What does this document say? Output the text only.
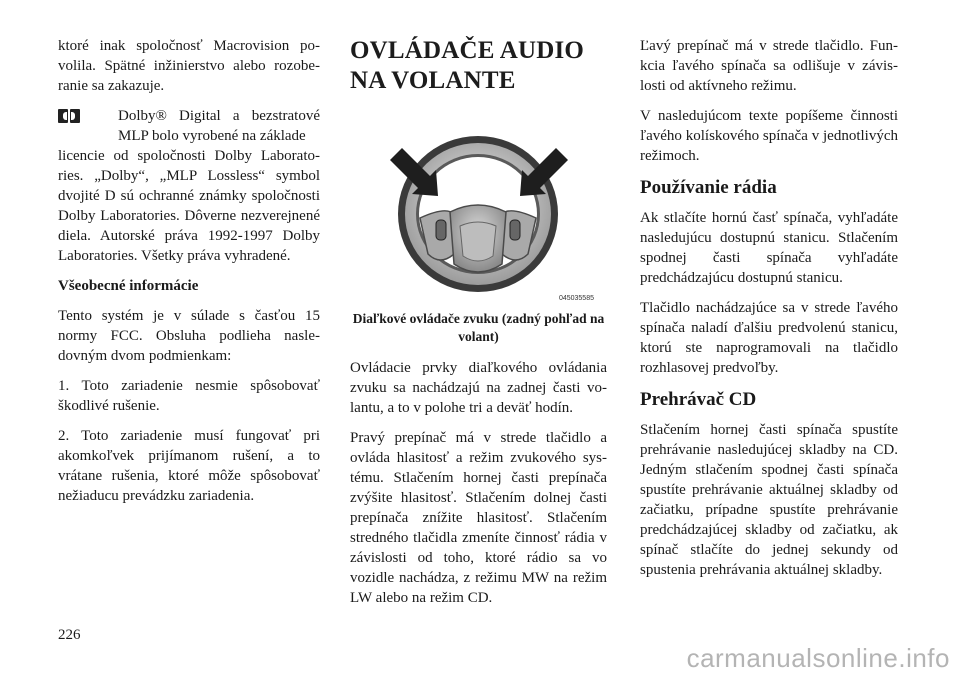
ktoré inak spoločnosť Macrovision povolila. Spätné inžinierstvo alebo rozoberanie sa zakazuje.

Dolby® Digital a bezstratové MLP bolo vyrobené na základe

licencie od spoločnosti Dolby Laboratories. „Dolby“, „MLP Lossless“ symbol dvojité D sú ochranné známky spoločnosti Dolby Laboratories. Dôverne nezverejnené diela. Autorské práva 1992-1997 Dolby Laboratories. Všetky práva vyhradené.

Všeobecné informácie

Tento systém je v súlade s časťou 15 normy FCC. Obsluha podlieha nasledovným dvom podmienkam:

1. Toto zariadenie nesmie spôsobovať škodlivé rušenie.

2. Toto zariadenie musí fungovať pri akomkoľvek prijímanom rušení, a to vrátane rušenia, ktoré môže spôsobovať nežiaducu prevádzku zariadenia.

OVLÁDAČE AUDIO NA VOLANTE
045035585
Diaľkové ovládače zvuku (zadný pohľad na volant)

Ovládacie prvky diaľkového ovládania zvuku sa nachádzajú na zadnej časti volantu, a to v polohe tri a deväť hodín.

Pravý prepínač má v strede tlačidlo a ovláda hlasitosť a režim zvukového systému. Stlačením hornej časti prepínača zvýšite hlasitosť. Stlačením dolnej časti prepínača znížite hlasitosť. Stlačením stredného tlačidla zmeníte činnosť rádia v závislosti od toho, ktoré rádio sa vo vozidle nachádza, z režimu MW na režim LW alebo na režim CD.

Ľavý prepínač má v strede tlačidlo. Funkcia ľavého spínača sa odlišuje v závislosti od aktívneho režimu.

V nasledujúcom texte popíšeme činnosti ľavého kolískového spínača v jednotlivých režimoch.

Používanie rádia

Ak stlačíte hornú časť spínača, vyhľadáte nasledujúcu dostupnú stanicu. Stlačením spodnej časti spínača vyhľadáte predchádzajúcu dostupnú stanicu.

Tlačidlo nachádzajúce sa v strede ľavého spínača naladí ďalšiu predvolenú stanicu, ktorú ste naprogramovali na tlačidlo rozhlasovej predvoľby.

Prehrávač CD

Stlačením hornej časti spínača spustíte prehrávanie nasledujúcej skladby na CD. Jedným stlačením spodnej časti spínača spustíte prehrávanie aktuálnej skladby od začiatku, prípadne spustíte prehrávanie predchádzajúcej skladby od začiatku, ak spínač stlačíte do jednej sekundy od spustenia prehrávania aktuálnej skladby.

226
carmanualsonline.info
